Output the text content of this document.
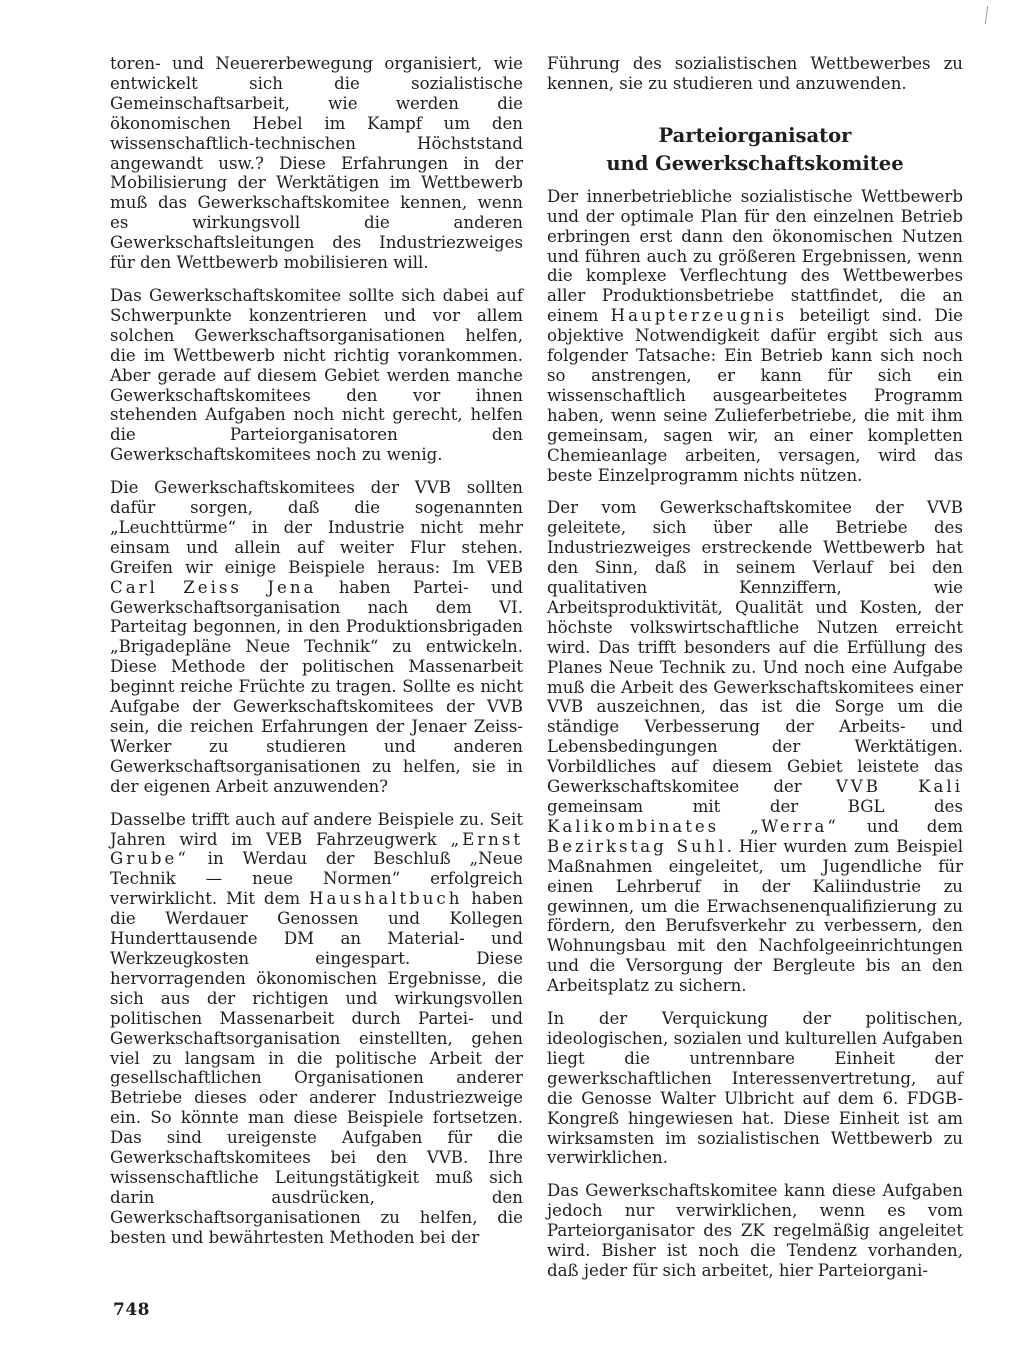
toren- und Neuererbewegung organisiert, wie entwickelt sich die sozialistische Gemeinschaftsarbeit, wie werden die ökonomischen Hebel im Kampf um den wissenschaftlich-technischen Höchststand angewandt usw.? Diese Erfahrungen in der Mobilisierung der Werktätigen im Wettbewerb muß das Gewerkschaftskomitee kennen, wenn es wirkungsvoll die anderen Gewerkschaftsleitungen des Industriezweiges für den Wettbewerb mobilisieren will.

Das Gewerkschaftskomitee sollte sich dabei auf Schwerpunkte konzentrieren und vor allem solchen Gewerkschaftsorganisationen helfen, die im Wettbewerb nicht richtig vorankommen. Aber gerade auf diesem Gebiet werden manche Gewerkschaftskomitees den vor ihnen stehenden Aufgaben noch nicht gerecht, helfen die Parteiorganisatoren den Gewerkschaftskomitees noch zu wenig.

Die Gewerkschaftskomitees der VVB sollten dafür sorgen, daß die sogenannten „Leuchttürme“ in der Industrie nicht mehr einsam und allein auf weiter Flur stehen. Greifen wir einige Beispiele heraus: Im VEB Carl Zeiss Jena haben Partei- und Gewerkschaftsorganisation nach dem VI. Parteitag begonnen, in den Produktionsbrigaden „Brigadepläne Neue Technik“ zu entwickeln. Diese Methode der politischen Massenarbeit beginnt reiche Früchte zu tragen. Sollte es nicht Aufgabe der Gewerkschaftskomitees der VVB sein, die reichen Erfahrungen der Jenaer Zeiss-Werker zu studieren und anderen Gewerkschaftsorganisationen zu helfen, sie in der eigenen Arbeit anzuwenden?

Dasselbe trifft auch auf andere Beispiele zu. Seit Jahren wird im VEB Fahrzeugwerk „Ernst Grube“ in Werdau der Beschluß „Neue Technik — neue Normen“ erfolgreich verwirklicht. Mit dem Haushaltbuch haben die Werdauer Genossen und Kollegen Hunderttausende DM an Material- und Werkzeugkosten eingespart. Diese hervorragenden ökonomischen Ergebnisse, die sich aus der richtigen und wirkungsvollen politischen Massenarbeit durch Partei- und Gewerkschaftsorganisation einstellten, gehen viel zu langsam in die politische Arbeit der gesellschaftlichen Organisationen anderer Betriebe dieses oder anderer Industriezweige ein. So könnte man diese Beispiele fortsetzen. Das sind ureigenste Aufgaben für die Gewerkschaftskomitees bei den VVB. Ihre wissenschaftliche Leitungstätigkeit muß sich darin ausdrücken, den Gewerkschaftsorganisationen zu helfen, die besten und bewährtesten Methoden bei der

Führung des sozialistischen Wettbewerbes zu kennen, sie zu studieren und anzuwenden.

Parteiorganisator
und Gewerkschaftskomitee

Der innerbetriebliche sozialistische Wettbewerb und der optimale Plan für den einzelnen Betrieb erbringen erst dann den ökonomischen Nutzen und führen auch zu größeren Ergebnissen, wenn die komplexe Verflechtung des Wettbewerbes aller Produktionsbetriebe stattfindet, die an einem Haupterzeugnis beteiligt sind. Die objektive Notwendigkeit dafür ergibt sich aus folgender Tatsache: Ein Betrieb kann sich noch so anstrengen, er kann für sich ein wissenschaftlich ausgearbeitetes Programm haben, wenn seine Zulieferbetriebe, die mit ihm gemeinsam, sagen wir, an einer kompletten Chemieanlage arbeiten, versagen, wird das beste Einzelprogramm nichts nützen.

Der vom Gewerkschaftskomitee der VVB geleitete, sich über alle Betriebe des Industriezweiges erstreckende Wettbewerb hat den Sinn, daß in seinem Verlauf bei den qualitativen Kennziffern, wie Arbeitsproduktivität, Qualität und Kosten, der höchste volkswirtschaftliche Nutzen erreicht wird. Das trifft besonders auf die Erfüllung des Planes Neue Technik zu. Und noch eine Aufgabe muß die Arbeit des Gewerkschaftskomitees einer VVB auszeichnen, das ist die Sorge um die ständige Verbesserung der Arbeits- und Lebensbedingungen der Werktätigen. Vorbildliches auf diesem Gebiet leistete das Gewerkschaftskomitee der VVB Kali gemeinsam mit der BGL des Kalikombinates „Werra“ und dem Bezirkstag Suhl. Hier wurden zum Beispiel Maßnahmen eingeleitet, um Jugendliche für einen Lehrberuf in der Kaliindustrie zu gewinnen, um die Erwachsenenqualifizierung zu fördern, den Berufsverkehr zu verbessern, den Wohnungsbau mit den Nachfolgeeinrichtungen und die Versorgung der Bergleute bis an den Arbeitsplatz zu sichern.

In der Verquickung der politischen, ideologischen, sozialen und kulturellen Aufgaben liegt die untrennbare Einheit der gewerkschaftlichen Interessenvertretung, auf die Genosse Walter Ulbricht auf dem 6. FDGB-Kongreß hingewiesen hat. Diese Einheit ist am wirksamsten im sozialistischen Wettbewerb zu verwirklichen.

Das Gewerkschaftskomitee kann diese Aufgaben jedoch nur verwirklichen, wenn es vom Parteiorganisator des ZK regelmäßig angeleitet wird. Bisher ist noch die Tendenz vorhanden, daß jeder für sich arbeitet, hier Parteiorgani-

748
